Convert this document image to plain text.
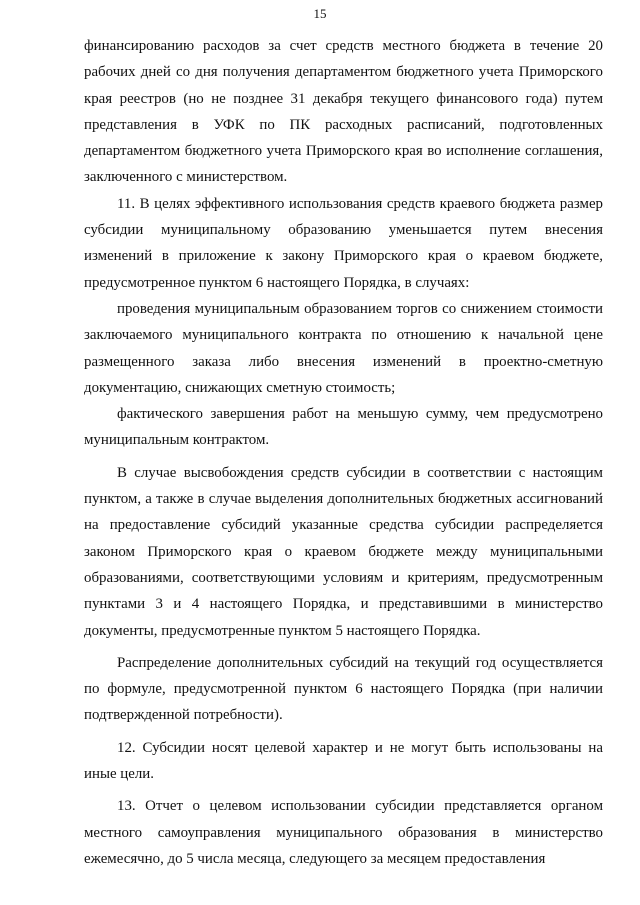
15

финансированию расходов за счет средств местного бюджета в течение 20 рабочих дней со дня получения департаментом бюджетного учета Приморского края реестров (но не позднее 31 декабря текущего финансового года) путем представления в УФК по ПК расходных расписаний, подготовленных департаментом бюджетного учета Приморского края во исполнение соглашения, заключенного с министерством.

11. В целях эффективного использования средств краевого бюджета размер субсидии муниципальному образованию уменьшается путем внесения изменений в приложение к закону Приморского края о краевом бюджете, предусмотренное пунктом 6 настоящего Порядка, в случаях:

проведения муниципальным образованием торгов со снижением стоимости заключаемого муниципального контракта по отношению к начальной цене размещенного заказа либо внесения изменений в проектно-сметную документацию, снижающих сметную стоимость;

фактического завершения работ на меньшую сумму, чем предусмотрено муниципальным контрактом.

В случае высвобождения средств субсидии в соответствии с настоящим пунктом, а также в случае выделения дополнительных бюджетных ассигнований на предоставление субсидий указанные средства субсидии распределяется законом Приморского края о краевом бюджете между муниципальными образованиями, соответствующими условиям и критериям, предусмотренным пунктами 3 и 4 настоящего Порядка, и представившими в министерство документы, предусмотренные пунктом 5 настоящего Порядка.

Распределение дополнительных субсидий на текущий год осуществляется по формуле, предусмотренной пунктом 6 настоящего Порядка (при наличии подтвержденной потребности).

12. Субсидии носят целевой характер и не могут быть использованы на иные цели.

13. Отчет о целевом использовании субсидии представляется органом местного самоуправления муниципального образования в министерство ежемесячно, до 5 числа месяца, следующего за месяцем предоставления
